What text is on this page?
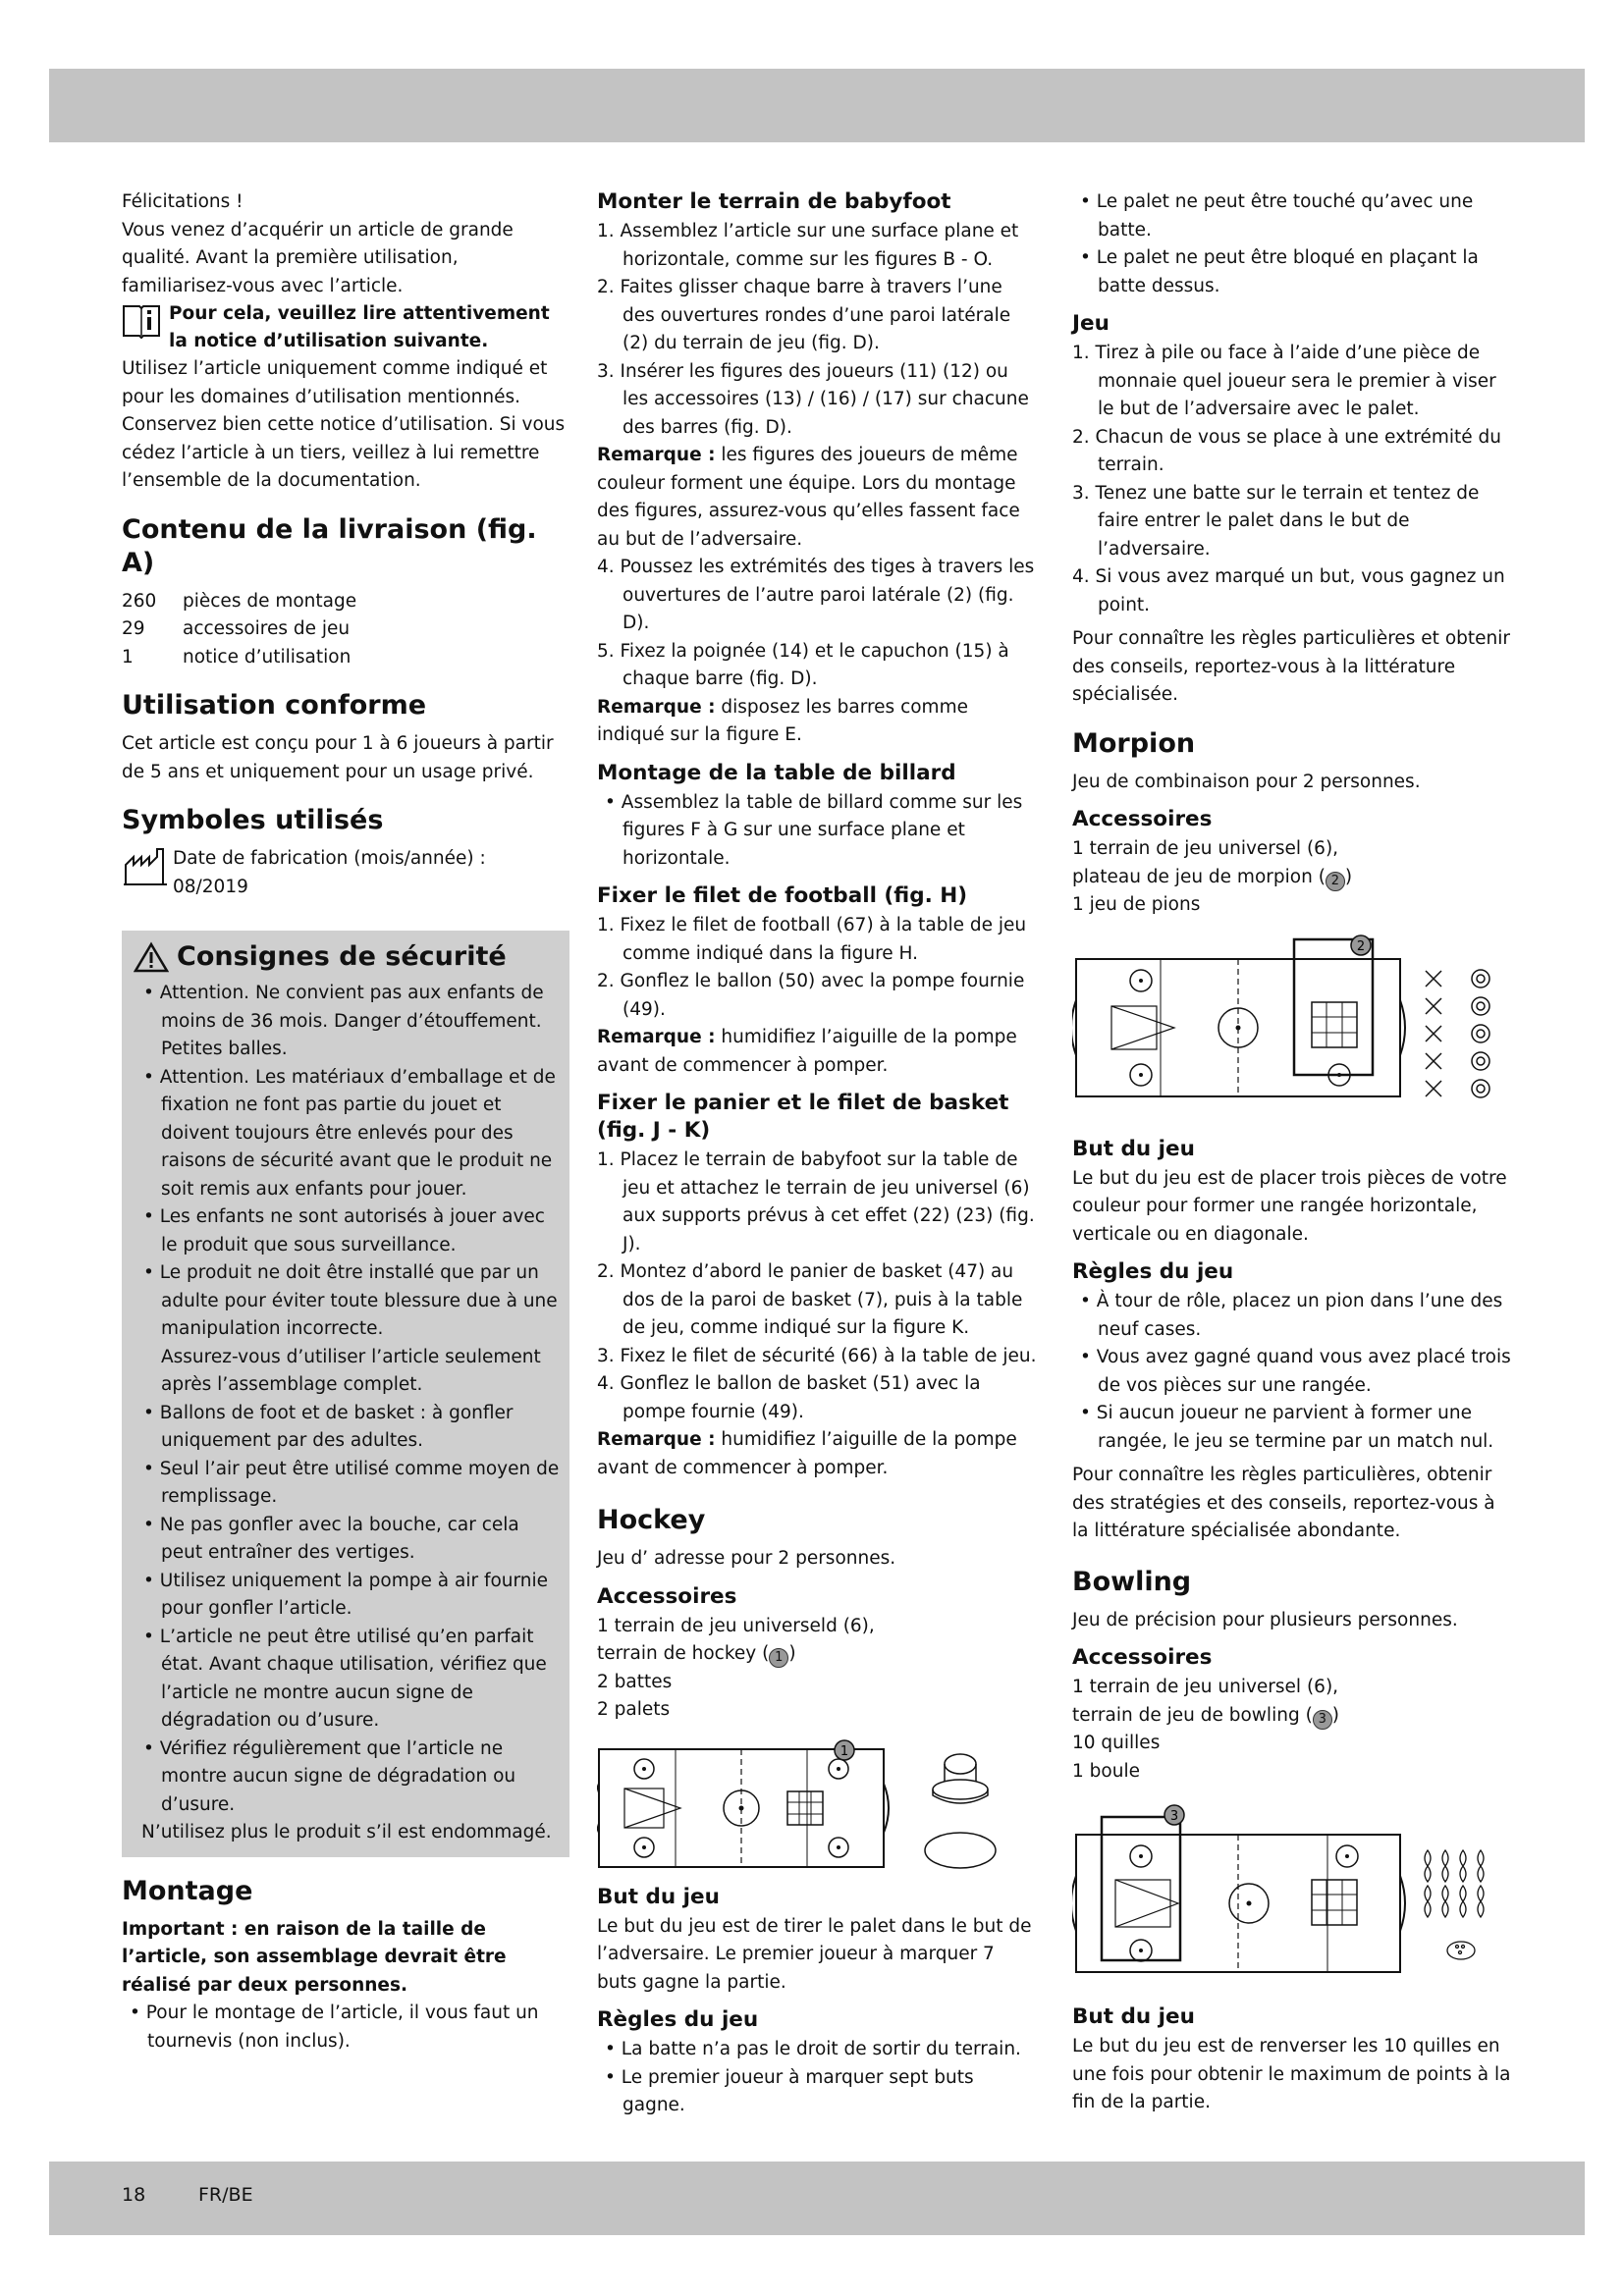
Félicitations !

Vous venez d’acquérir un article de grande qualité. Avant la première utilisation, familiarisez-vous avec l’article.

Pour cela, veuillez lire attentivement la notice d’utilisation suivante.

Utilisez l’article uniquement comme indiqué et pour les domaines d’utilisation mentionnés. Conservez bien cette notice d’utilisation. Si vous cédez l’article à un tiers, veillez à lui remettre l’ensemble de la documentation.

Contenu de la livraison (fig. A)
260	pièces de montage
29	accessoires de jeu
1	notice d’utilisation
Utilisation conforme

Cet article est conçu pour 1 à 6 joueurs à partir de 5 ans et uniquement pour un usage privé.

Symboles utilisés

Date de fabrication (mois/année) :

08/2019

Consignes de sécurité
• Attention. Ne convient pas aux enfants de moins de 36 mois. Danger d’étouffement. Petites balles.
• Attention. Les matériaux d’emballage et de fixation ne font pas partie du jouet et doivent toujours être enlevés pour des raisons de sécurité avant que le produit ne soit remis aux enfants pour jouer.
• Les enfants ne sont autorisés à jouer avec le produit que sous surveillance.
• Le produit ne doit être installé que par un adulte pour éviter toute blessure due à une manipulation incorrecte.
Assurez-vous d’utiliser l’article seulement après l’assemblage complet.
• Ballons de foot et de basket : à gonfler uniquement par des adultes.
• Seul l’air peut être utilisé comme moyen de remplissage.
• Ne pas gonfler avec la bouche, car cela peut entraîner des vertiges.
• Utilisez uniquement la pompe à air fournie pour gonfler l’article.
• L’article ne peut être utilisé qu’en parfait état. Avant chaque utilisation, vérifiez que l’article ne montre aucun signe de dégradation ou d’usure.
• Vérifiez régulièrement que l’article ne montre aucun signe de dégradation ou d’usure.

N’utilisez plus le produit s’il est endommagé.

Montage

Important : en raison de la taille de l’article, son assemblage devrait être réalisé par deux personnes.

• Pour le montage de l’article, il vous faut un tournevis (non inclus).
Monter le terrain de babyfoot
1. Assemblez l’article sur une surface plane et horizontale, comme sur les figures B - O.
2. Faites glisser chaque barre à travers l’une des ouvertures rondes d’une paroi latérale (2) du terrain de jeu (fig. D).
3. Insérer les figures des joueurs (11) (12) ou les accessoires (13) / (16) / (17) sur chacune des barres (fig. D).

Remarque : les figures des joueurs de même couleur forment une équipe. Lors du montage des figures, assurez-vous qu’elles fassent face au but de l’adversaire.

4. Poussez les extrémités des tiges à travers les ouvertures de l’autre paroi latérale (2) (fig. D).
5. Fixez la poignée (14) et le capuchon (15) à chaque barre (fig. D).

Remarque : disposez les barres comme indiqué sur la figure E.

Montage de la table de billard
• Assemblez la table de billard comme sur les figures F à G sur une surface plane et horizontale.
Fixer le filet de football (fig. H)
1. Fixez le filet de football (67) à la table de jeu comme indiqué dans la figure H.
2. Gonflez le ballon (50) avec la pompe fournie (49).

Remarque : humidifiez l’aiguille de la pompe avant de commencer à pomper.

Fixer le panier et le filet de basket (fig. J - K)
1. Placez le terrain de babyfoot sur la table de jeu et attachez le terrain de jeu universel (6) aux supports prévus à cet effet (22) (23) (fig. J).
2. Montez d’abord le panier de basket (47) au dos de la paroi de basket (7), puis à la table de jeu, comme indiqué sur la figure K.
3. Fixez le filet de sécurité (66) à la table de jeu.
4. Gonflez le ballon de basket (51) avec la pompe fournie (49).

Remarque : humidifiez l’aiguille de la pompe avant de commencer à pomper.

Hockey

Jeu d’ adresse pour 2 personnes.

Accessoires

1 terrain de jeu universeld (6),

terrain de hockey ( 1 )

2 battes

2 palets

1
But du jeu

Le but du jeu est de tirer le palet dans le but de l’adversaire. Le premier joueur à marquer 7 buts gagne la partie.

Règles du jeu
• La batte n’a pas le droit de sortir du terrain.
• Le premier joueur à marquer sept buts gagne.
• Le palet ne peut être touché qu’avec une batte.
• Le palet ne peut être bloqué en plaçant la batte dessus.
Jeu
1. Tirez à pile ou face à l’aide d’une pièce de monnaie quel joueur sera le premier à viser le but de l’adversaire avec le palet.
2. Chacun de vous se place à une extrémité du terrain.
3. Tenez une batte sur le terrain et tentez de faire entrer le palet dans le but de l’adversaire.
4. Si vous avez marqué un but, vous gagnez un point.

Pour connaître les règles particulières et obtenir des conseils, reportez-vous à la littérature spécialisée.

Morpion

Jeu de combinaison pour 2 personnes.

Accessoires

1 terrain de jeu universel (6),

plateau de jeu de morpion ( 2 )

1 jeu de pions

2
But du jeu

Le but du jeu est de placer trois pièces de votre couleur pour former une rangée horizontale, verticale ou en diagonale.

Règles du jeu
• À tour de rôle, placez un pion dans l’une des neuf cases.
• Vous avez gagné quand vous avez placé trois de vos pièces sur une rangée.
• Si aucun joueur ne parvient à former une rangée, le jeu se termine par un match nul.

Pour connaître les règles particulières, obtenir des stratégies et des conseils, reportez-vous à la littérature spécialisée abondante.

Bowling

Jeu de précision pour plusieurs personnes.

Accessoires

1 terrain de jeu universel (6),

terrain de jeu de bowling ( 3 )

10 quilles

1 boule

3
But du jeu

Le but du jeu est de renverser les 10 quilles en une fois pour obtenir le maximum de points à la fin de la partie.

18	FR/BE
